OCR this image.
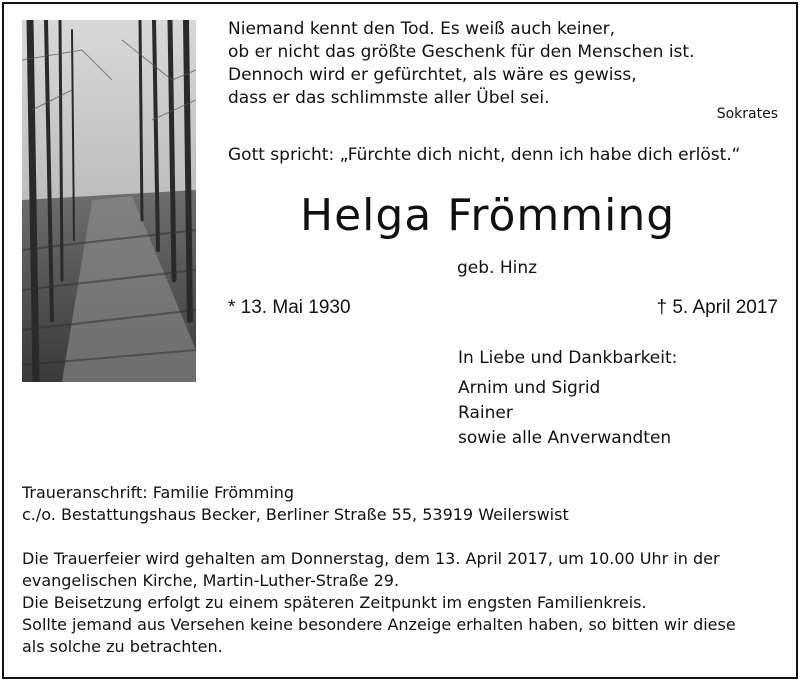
Niemand kennt den Tod. Es weiß auch keiner,
ob er nicht das größte Geschenk für den Menschen ist.
Dennoch wird er gefürchtet, als wäre es gewiss,
dass er das schlimmste aller Übel sei.
Sokrates
Gott spricht: „Fürchte dich nicht, denn ich habe dich erlöst.“
Helga Frömming
geb. Hinz
* 13. Mai 1930	† 5. April 2017
In Liebe und Dankbarkeit:
Arnim und Sigrid
Rainer
sowie alle Anverwandten
Traueranschrift: Familie Frömming
c./o. Bestattungshaus Becker, Berliner Straße 55, 53919 Weilerswist
Die Trauerfeier wird gehalten am Donnerstag, dem 13. April 2017, um 10.00 Uhr in der
evangelischen Kirche, Martin-Luther-Straße 29.
Die Beisetzung erfolgt zu einem späteren Zeitpunkt im engsten Familienkreis.
Sollte jemand aus Versehen keine besondere Anzeige erhalten haben, so bitten wir diese
als solche zu betrachten.
